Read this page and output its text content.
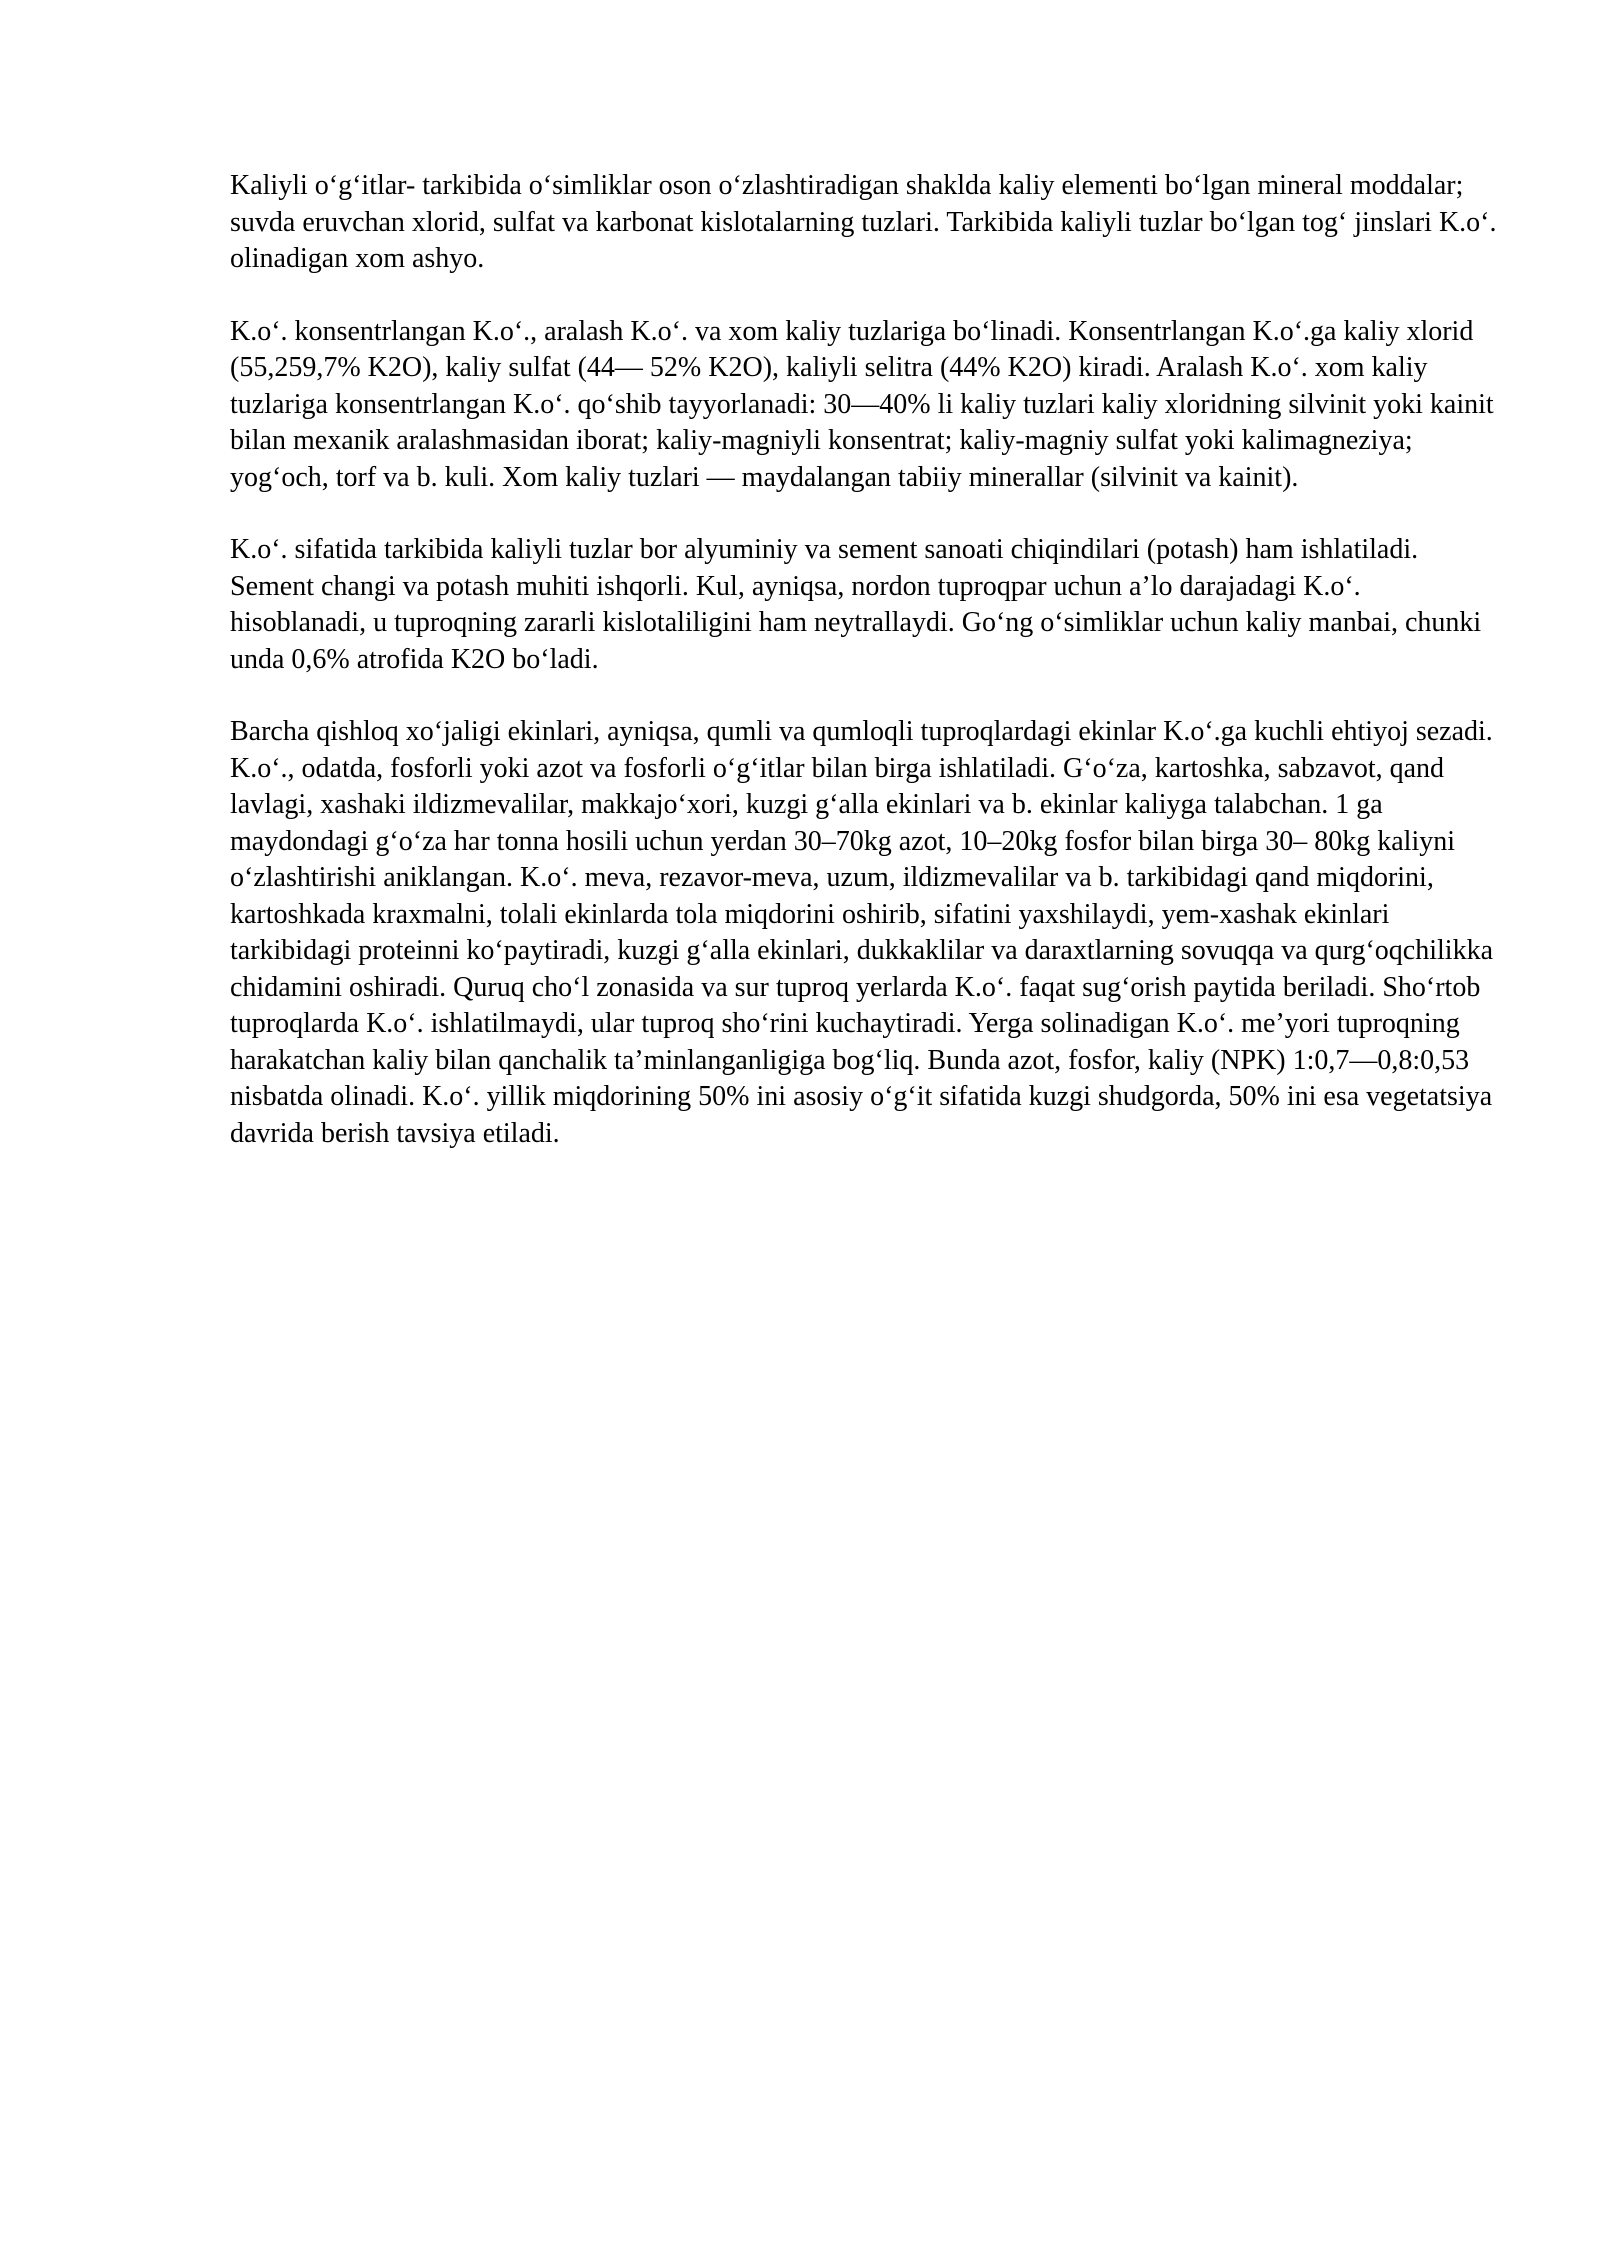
Kaliyli o‘g‘itlar- tarkibida o‘simliklar oson o‘zlashtiradigan shaklda kaliy elementi bo‘lgan mineral moddalar; suvda eruvchan xlorid, sulfat va karbonat kislotalarning tuzlari. Tarkibida kaliyli tuzlar bo‘lgan tog‘ jinslari K.o‘. olinadigan xom ashyo.

K.o‘. konsentrlangan K.o‘., aralash K.o‘. va xom kaliy tuzlariga bo‘linadi. Konsentrlangan K.o‘.ga kaliy xlorid (55,259,7% K2O), kaliy sulfat (44— 52% K2O), kaliyli selitra (44% K2O) kiradi. Aralash K.o‘. xom kaliy tuzlariga konsentrlangan K.o‘. qo‘shib tayyorlanadi: 30—40% li kaliy tuzlari kaliy xloridning silvinit yoki kainit bilan mexanik aralashmasidan iborat; kaliy-magniyli konsentrat; kaliy-magniy sulfat yoki kalimagneziya; yog‘och, torf va b. kuli. Xom kaliy tuzlari — maydalangan tabiiy minerallar (silvinit va kainit).

K.o‘. sifatida tarkibida kaliyli tuzlar bor alyuminiy va sement sanoati chiqindilari (potash) ham ishlatiladi. Sement changi va potash muhiti ishqorli. Kul, ayniqsa, nordon tuproqpar uchun a’lo darajadagi K.o‘. hisoblanadi, u tuproqning zararli kislotaliligini ham neytrallaydi. Go‘ng o‘simliklar uchun kaliy manbai, chunki unda 0,6% atrofida K2O bo‘ladi.

Barcha qishloq xo‘jaligi ekinlari, ayniqsa, qumli va qumloqli tuproqlardagi ekinlar K.o‘.ga kuchli ehtiyoj sezadi. K.o‘., odatda, fosforli yoki azot va fosforli o‘g‘itlar bilan birga ishlatiladi. G‘o‘za, kartoshka, sabzavot, qand lavlagi, xashaki ildizmevalilar, makkajo‘xori, kuzgi g‘alla ekinlari va b. ekinlar kaliyga talabchan. 1 ga maydondagi g‘o‘za har tonna hosili uchun yerdan 30–70kg azot, 10–20kg fosfor bilan birga 30– 80kg kaliyni o‘zlashtirishi aniklangan. K.o‘. meva, rezavor-meva, uzum, ildizmevalilar va b. tarkibidagi qand miqdorini, kartoshkada kraxmalni, tolali ekinlarda tola miqdorini oshirib, sifatini yaxshilaydi, yem-xashak ekinlari tarkibidagi proteinni ko‘paytiradi, kuzgi g‘alla ekinlari, dukkaklilar va daraxtlarning sovuqqa va qurg‘oqchilikka chidamini oshiradi. Quruq cho‘l zonasida va sur tuproq yerlarda K.o‘. faqat sug‘orish paytida beriladi. Sho‘rtob tuproqlarda K.o‘. ishlatilmaydi, ular tuproq sho‘rini kuchaytiradi. Yerga solinadigan K.o‘. me’yori tuproqning harakatchan kaliy bilan qanchalik ta’minlanganligiga bog‘liq. Bunda azot, fosfor, kaliy (NPK) 1:0,7—0,8:0,53 nisbatda olinadi. K.o‘. yillik miqdorining 50% ini asosiy o‘g‘it sifatida kuzgi shudgorda, 50% ini esa vegetatsiya davrida berish tavsiya etiladi.
